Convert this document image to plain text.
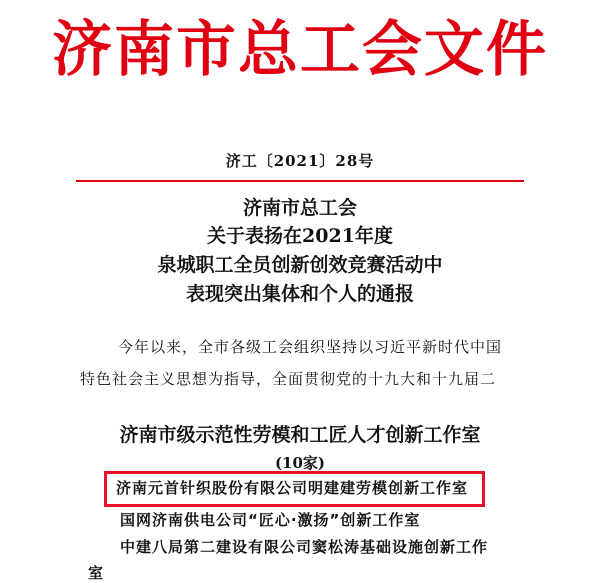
济南市总工会文件
济工〔2021〕28号
济南市总工会
关于表扬在2021年度
泉城职工全员创新创效竞赛活动中
表现突出集体和个人的通报
今年以来，全市各级工会组织坚持以习近平新时代中国
特色社会主义思想为指导，全面贯彻党的十九大和十九届二
济南市级示范性劳模和工匠人才创新工作室
(10家)
济南元首针织股份有限公司明建建劳模创新工作室
国网济南供电公司“匠心·激扬”创新工作室
中建八局第二建设有限公司窦松涛基础设施创新工作
室
